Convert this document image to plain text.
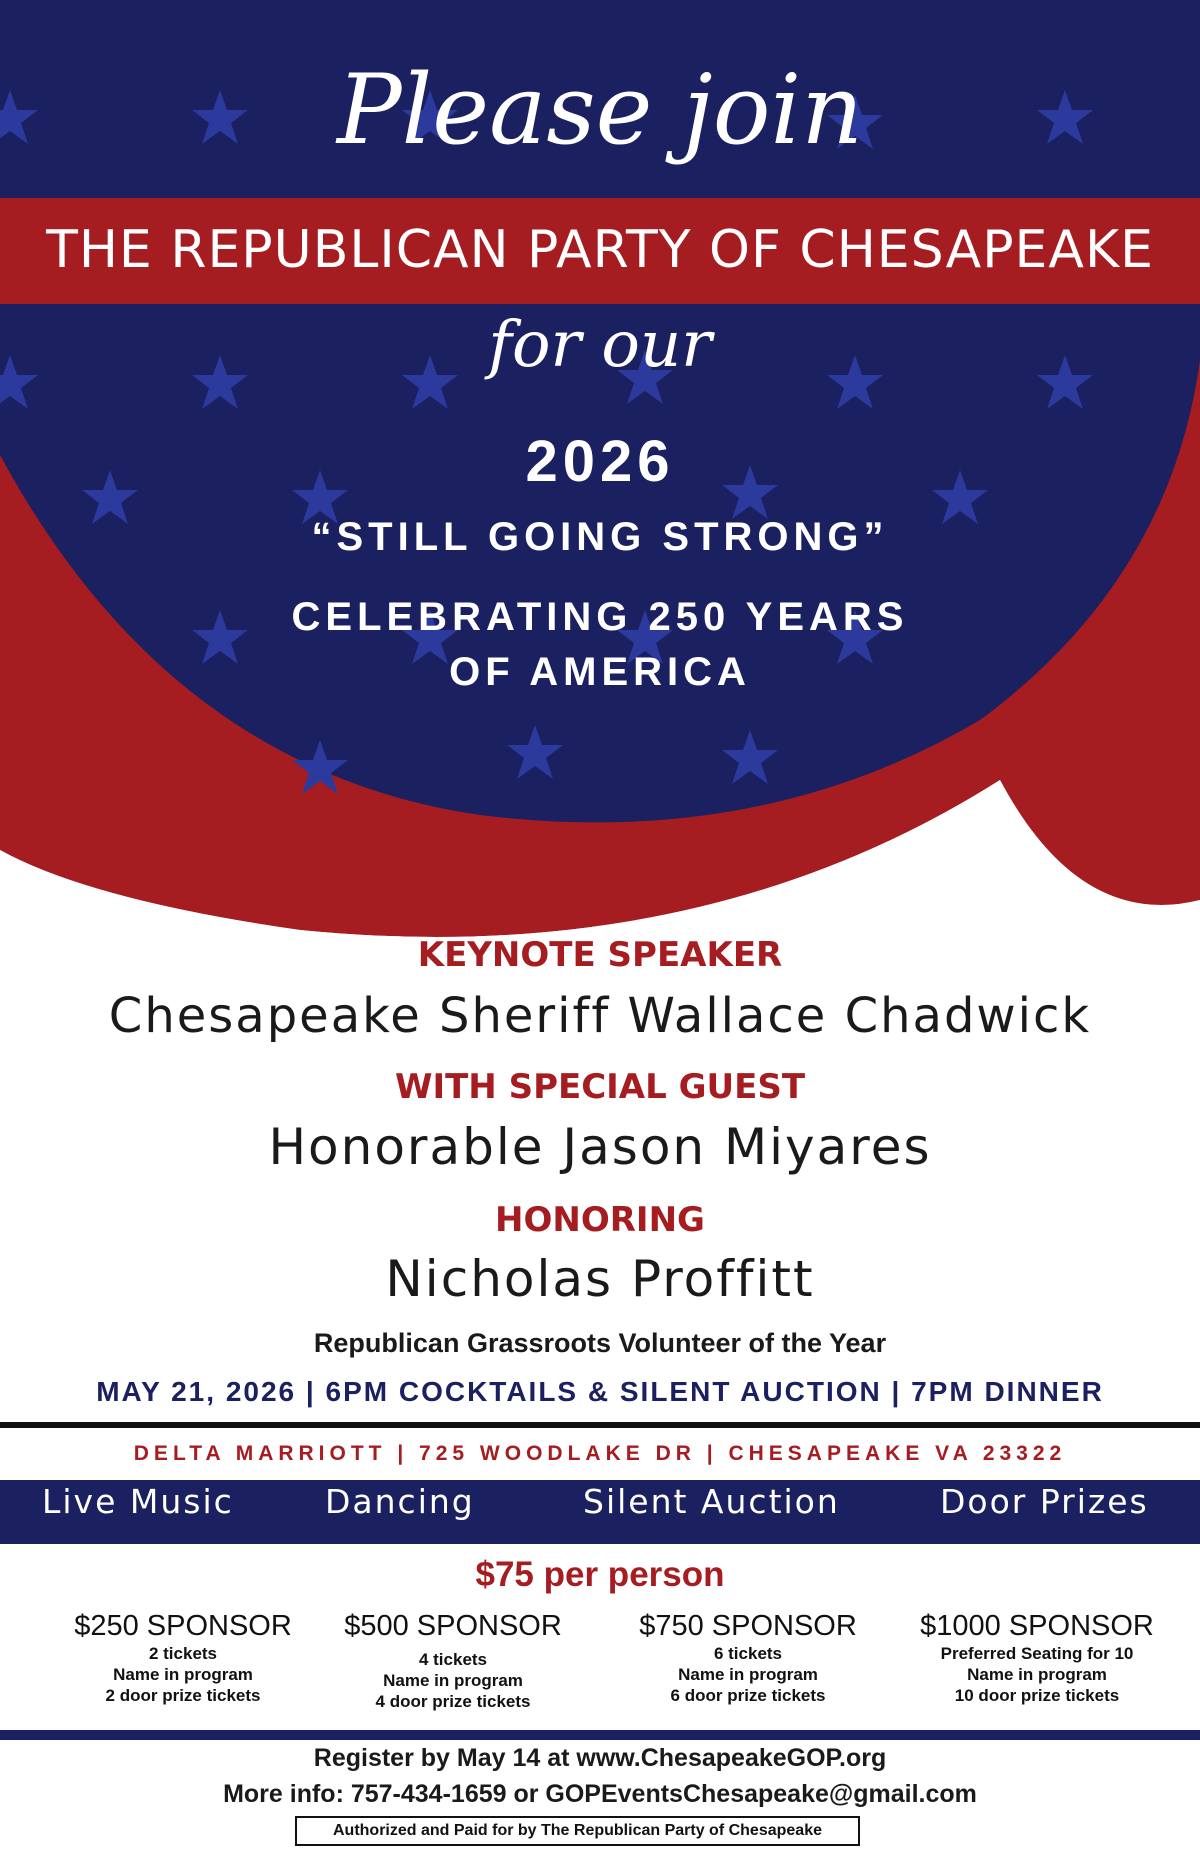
Please join
THE REPUBLICAN PARTY OF CHESAPEAKE
for our
2026
“STILL GOING STRONG”
CELEBRATING 250 YEARS
OF AMERICA
KEYNOTE SPEAKER
Chesapeake Sheriff Wallace Chadwick
WITH SPECIAL GUEST
Honorable Jason Miyares
HONORING
Nicholas Proffitt
Republican Grassroots Volunteer of the Year
MAY 21, 2026 | 6PM COCKTAILS & SILENT AUCTION | 7PM DINNER
DELTA MARRIOTT | 725 WOODLAKE DR | CHESAPEAKE VA 23322
Live Music	Dancing	Silent Auction	Door Prizes
$75 per person
$250 SPONSOR
2 tickets
Name in program
2 door prize tickets
$500 SPONSOR
4 tickets
Name in program
4 door prize tickets
$750 SPONSOR
6 tickets
Name in program
6 door prize tickets
$1000 SPONSOR
Preferred Seating for 10
Name in program
10 door prize tickets
Register by May 14 at www.ChesapeakeGOP.org
More info: 757-434-1659 or GOPEventsChesapeake@gmail.com
Authorized and Paid for by The Republican Party of Chesapeake
